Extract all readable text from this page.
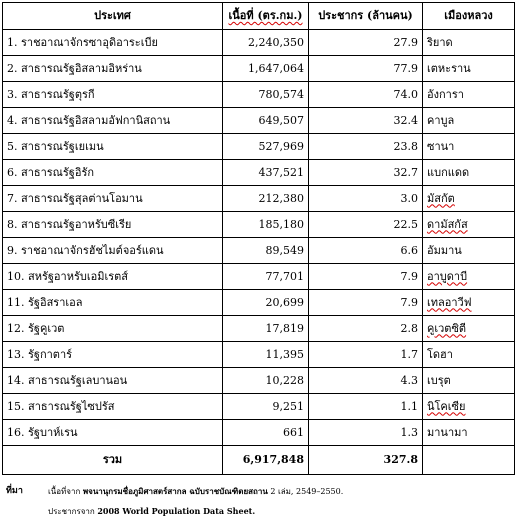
ประเทศ	เนื้อที่ (ตร.กม.)	ประชากร (ล้านคน)	เมืองหลวง
1. ราชอาณาจักรซาอุดิอาระเบีย	2,240,350	27.9	ริยาด
2. สาธารณรัฐอิสลามอิหร่าน	1,647,064	77.9	เตหะราน
3. สาธารณรัฐตุรกี	780,574	74.0	อังการา
4. สาธารณรัฐอิสลามอัฟกานิสถาน	649,507	32.4	คาบูล
5. สาธารณรัฐเยเมน	527,969	23.8	ซานา
6. สาธารณรัฐอิรัก	437,521	32.7	แบกแดด
7. สาธารณรัฐสุลต่านโอมาน	212,380	3.0	มัสกัต
8. สาธารณรัฐอาหรับซีเรีย	185,180	22.5	ดามัสกัส
9. ราชอาณาจักรฮัชไมต์จอร์แดน	89,549	6.6	อัมมาน
10. สหรัฐอาหรับเอมิเรตส์	77,701	7.9	อาบูดาบี
11. รัฐอิสราเอล	20,699	7.9	เทลอาวีฟ
12. รัฐคูเวต	17,819	2.8	คูเวตซิตี
13. รัฐกาตาร์	11,395	1.7	โดฮา
14. สาธารณรัฐเลบานอน	10,228	4.3	เบรุต
15. สาธารณรัฐไซปรัส	9,251	1.1	นิโคเซีย
16. รัฐบาห์เรน	661	1.3	มานามา
รวม	6,917,848	327.8	
ที่มา	เนื้อที่จาก พจนานุกรมชื่อภูมิศาสตร์สากล ฉบับราชบัณฑิตยสถาน 2 เล่ม, 2549–2550.
ประชากรจาก 2008 World Population Data Sheet.
